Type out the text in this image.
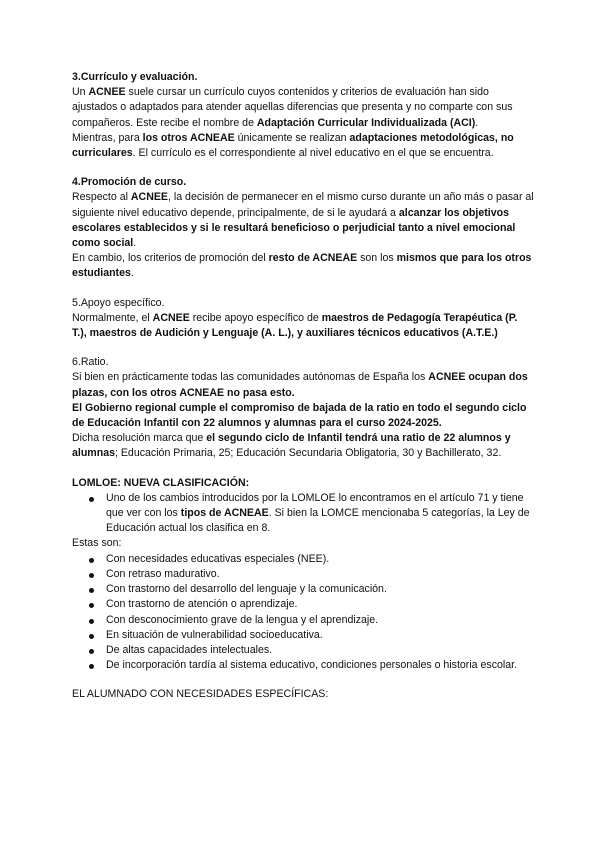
3.Currículo y evaluación.

Un ACNEE suele cursar un currículo cuyos contenidos y criterios de evaluación han sido ajustados o adaptados para atender aquellas diferencias que presenta y no comparte con sus compañeros. Este recibe el nombre de Adaptación Curricular Individualizada (ACI).

Mientras, para los otros ACNEAE únicamente se realizan adaptaciones metodológicas, no curriculares. El currículo es el correspondiente al nivel educativo en el que se encuentra.

4.Promoción de curso.

Respecto al ACNEE, la decisión de permanecer en el mismo curso durante un año más o pasar al siguiente nivel educativo depende, principalmente, de si le ayudará a alcanzar los objetivos escolares establecidos y si le resultará beneficioso o perjudicial tanto a nivel emocional como social.

En cambio, los criterios de promoción del resto de ACNEAE son los mismos que para los otros estudiantes.

5.Apoyo específico.

Normalmente, el ACNEE recibe apoyo específico de maestros de Pedagogía Terapéutica (P. T.), maestros de Audición y Lenguaje (A. L.), y auxiliares técnicos educativos (A.T.E.)

6.Ratio.

Si bien en prácticamente todas las comunidades autónomas de España los ACNEE ocupan dos plazas, con los otros ACNEAE no pasa esto.

El Gobierno regional cumple el compromiso de bajada de la ratio en todo el segundo ciclo de Educación Infantil con 22 alumnos y alumnas para el curso 2024-2025.

Dicha resolución marca que el segundo ciclo de Infantil tendrá una ratio de 22 alumnos y alumnas; Educación Primaria, 25; Educación Secundaria Obligatoria, 30 y Bachillerato, 32.

LOMLOE: NUEVA CLASIFICACIÓN:

Uno de los cambios introducidos por la LOMLOE lo encontramos en el artículo 71 y tiene que ver con los tipos de ACNEAE. Si bien la LOMCE mencionaba 5 categorías, la Ley de Educación actual los clasifica en 8.

Estas son:

Con necesidades educativas especiales (NEE).
Con retraso madurativo.
Con trastorno del desarrollo del lenguaje y la comunicación.
Con trastorno de atención o aprendizaje.
Con desconocimiento grave de la lengua y el aprendizaje.
En situación de vulnerabilidad socioeducativa.
De altas capacidades intelectuales.
De incorporación tardía al sistema educativo, condiciones personales o historia escolar.

EL ALUMNADO CON NECESIDADES ESPECÍFICAS:
